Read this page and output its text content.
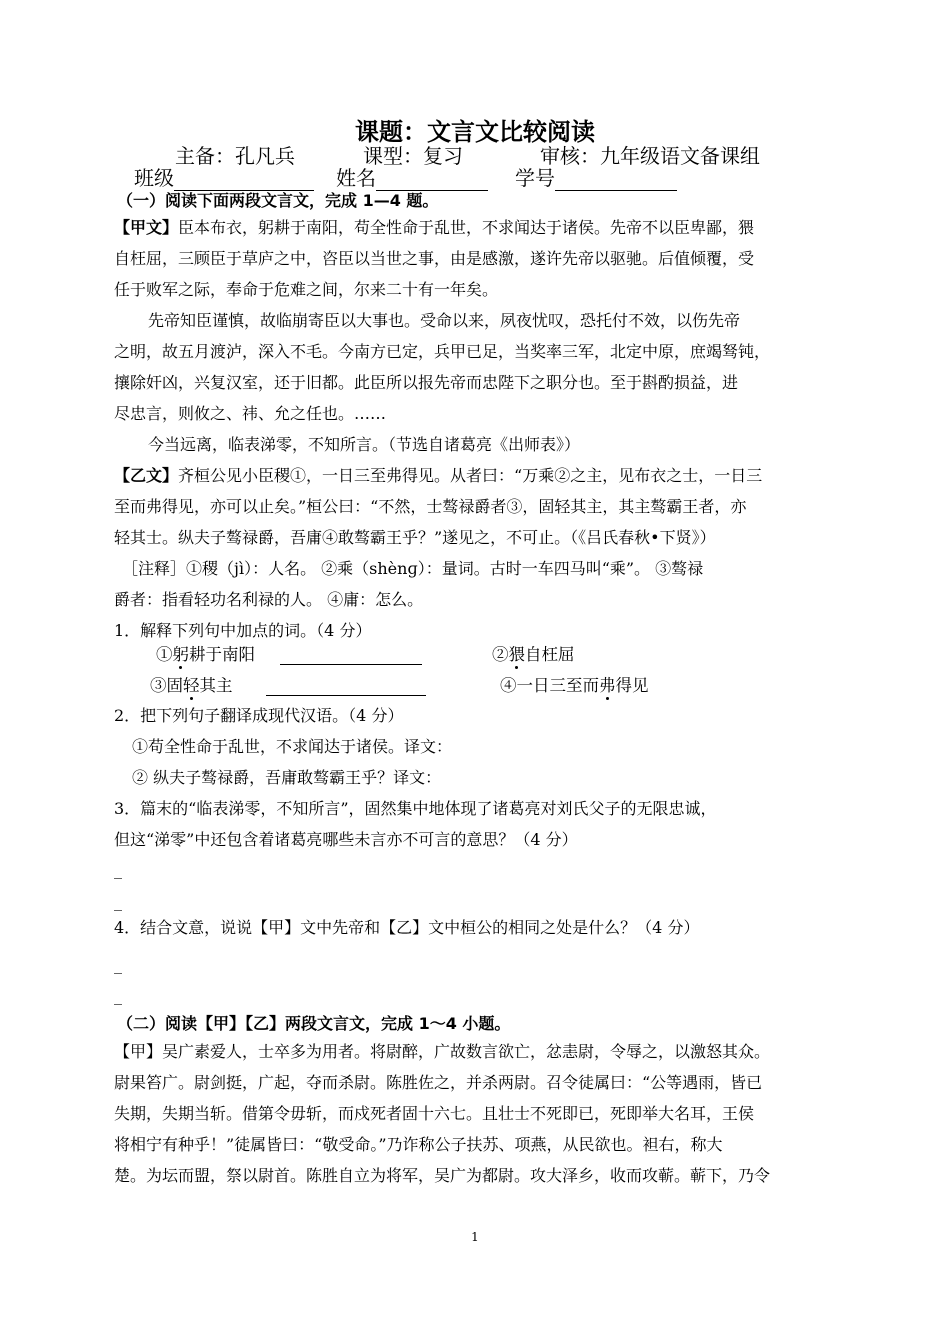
课题：文言文比较阅读
主备：孔凡兵	课型：复习	审核：九年级语文备课组
班级	姓名	学号
（一）阅读下面两段文言文，完成 1—4 题。
【甲文】臣本布衣，躬耕于南阳，苟全性命于乱世，不求闻达于诸侯。先帝不以臣卑鄙，猥
自枉屈，三顾臣于草庐之中，咨臣以当世之事，由是感激，遂许先帝以驱驰。后值倾覆，受
任于败军之际，奉命于危难之间，尔来二十有一年矣。
先帝知臣谨慎，故临崩寄臣以大事也。受命以来，夙夜忧叹，恐托付不效，以伤先帝
之明，故五月渡泸，深入不毛。今南方已定，兵甲已足，当奖率三军，北定中原，庶竭驽钝，
攘除奸凶，兴复汉室，还于旧都。此臣所以报先帝而忠陛下之职分也。至于斟酌损益，进
尽忠言，则攸之、祎、允之任也。……
今当远离，临表涕零，不知所言。（节选自诸葛亮《出师表》）
【乙文】齐桓公见小臣稷①，一日三至弗得见。从者曰：“万乘②之主，见布衣之士，一日三
至而弗得见，亦可以止矣。”桓公曰：“不然，士骜禄爵者③，固轻其主，其主骜霸王者，亦
轻其士。纵夫子骜禄爵，吾庸④敢骜霸王乎？”遂见之，不可止。（《吕氏春秋•下贤》）
［注释］①稷（jì）：人名。 ②乘（shènɡ）：量词。古时一车四马叫“乘”。 ③骜禄
爵者：指看轻功名利禄的人。 ④庸：怎么。
1．解释下列句中加点的词。（4 分）
①躬耕于南阳	②猥自枉屈
③固轻其主	④一日三至而弗得见
2．把下列句子翻译成现代汉语。（4 分）
①苟全性命于乱世，不求闻达于诸侯。译文：
② 纵夫子骜禄爵，吾庸敢骜霸王乎？译文：
3．篇末的“临表涕零，不知所言”，固然集中地体现了诸葛亮对刘氏父子的无限忠诚，
但这“涕零”中还包含着诸葛亮哪些未言亦不可言的意思？（4 分）
_
_
4．结合文意，说说【甲】文中先帝和【乙】文中桓公的相同之处是什么？（4 分）
_
_
（二）阅读【甲】【乙】两段文言文，完成 1～4 小题。
【甲】吴广素爱人，士卒多为用者。将尉醉，广故数言欲亡，忿恚尉，令辱之，以激怒其众。
尉果笞广。尉剑挺，广起，夺而杀尉。陈胜佐之，并杀两尉。召令徒属曰：“公等遇雨，皆已
失期，失期当斩。借第令毋斩，而戍死者固十六七。且壮士不死即已，死即举大名耳，王侯
将相宁有种乎！”徒属皆曰：“敬受命。”乃诈称公子扶苏、项燕，从民欲也。袒右，称大
楚。为坛而盟，祭以尉首。陈胜自立为将军，吴广为都尉。攻大泽乡，收而攻蕲。蕲下，乃令
1
